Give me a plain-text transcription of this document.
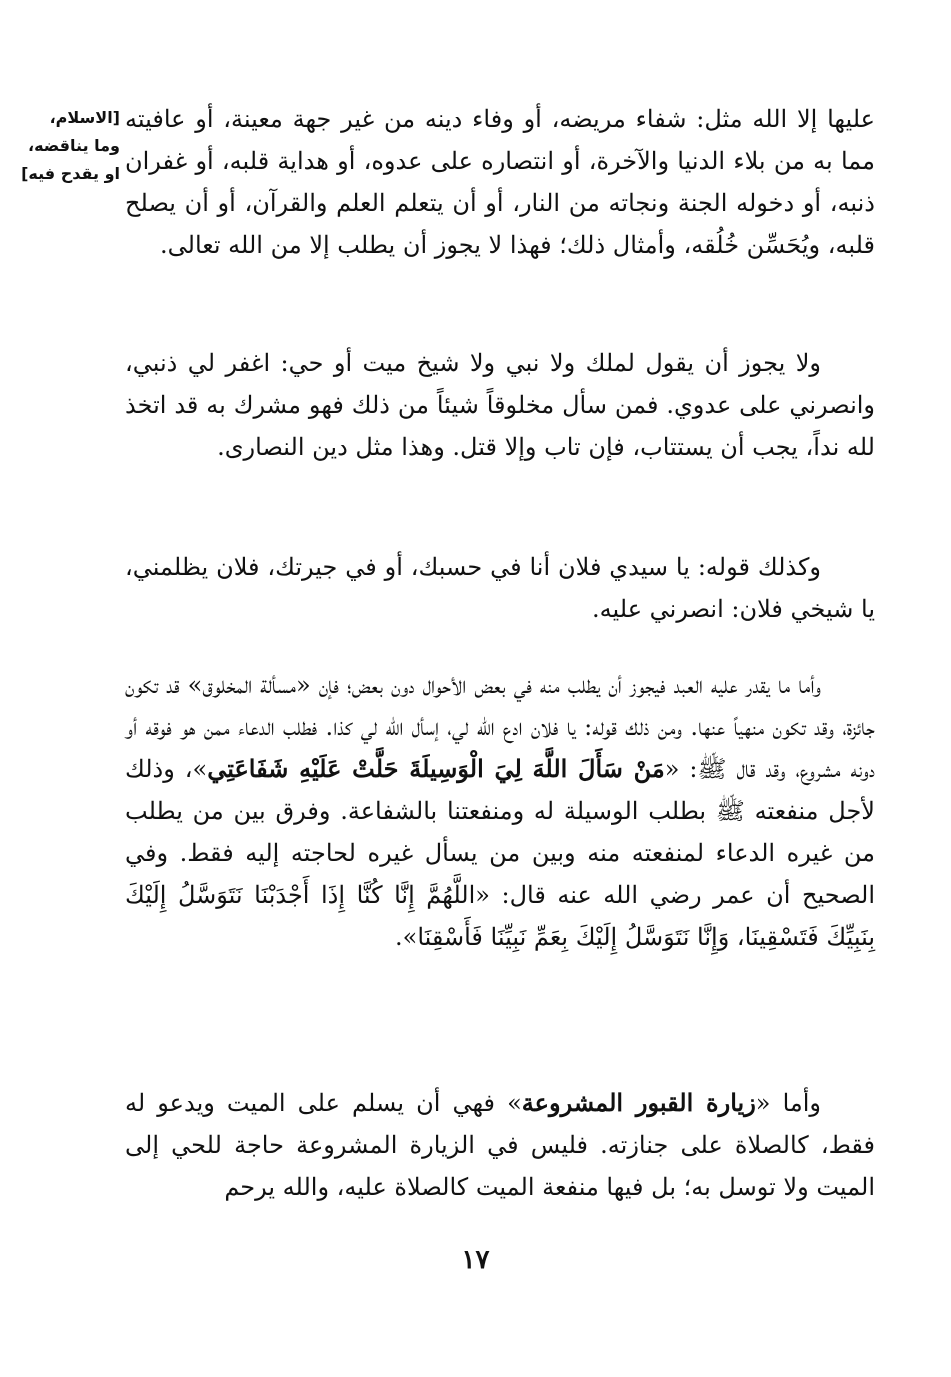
[الاسلام، وما يناقضه، او يقدح فيه]

عليها إلا الله مثل: شفاء مريضه، أو وفاء دينه من غير جهة معينة، أو عافيته مما به من بلاء الدنيا والآخرة، أو انتصاره على عدوه، أو هداية قلبه، أو غفران ذنبه، أو دخوله الجنة ونجاته من النار، أو أن يتعلم العلم والقرآن، أو أن يصلح قلبه، ويُحَسِّن خُلُقه، وأمثال ذلك؛ فهذا لا يجوز أن يطلب إلا من الله تعالى.

ولا يجوز أن يقول لملك ولا نبي ولا شيخ ميت أو حي: اغفر لي ذنبي، وانصرني على عدوي. فمن سأل مخلوقاً شيئاً من ذلك فهو مشرك به قد اتخذ لله نداً، يجب أن يستتاب، فإن تاب وإلا قتل. وهذا مثل دين النصارى.

وكذلك قوله: يا سيدي فلان أنا في حسبك، أو في جيرتك، فلان يظلمني، يا شيخي فلان: انصرني عليه.

وأما ما يقدر عليه العبد فيجوز أن يطلب منه في بعض الأحوال دون بعض؛ فإن «مسألة المخلوق» قد تكون جائزة، وقد تكون منهياً عنها. ومن ذلك قوله: يا فلان ادع الله لي، إسأل الله لي كذا. فطلب الدعاء ممن هو فوقه أو دونه مشروع، وقد قال ﷺ: «مَنْ سَأَلَ اللَّهَ لِيَ الْوَسِيلَةَ حَلَّتْ عَلَيْهِ شَفَاعَتِي»، وذلك لأجل منفعته ﷺ بطلب الوسيلة له ومنفعتنا بالشفاعة. وفرق بين من يطلب من غيره الدعاء لمنفعته منه وبين من يسأل غيره لحاجته إليه فقط. وفي الصحيح أن عمر رضي الله عنه قال: «اللَّهُمَّ إِنَّا كُنَّا إِذَا أَجْدَبْنَا نَتَوَسَّلُ إِلَيْكَ بِنَبِيِّكَ فَتَسْقِينَا، وَإِنَّا نَتَوَسَّلُ إِلَيْكَ بِعَمِّ نَبِيِّنَا فَأَسْقِنَا».

وأما «زيارة القبور المشروعة» فهي أن يسلم على الميت ويدعو له فقط، كالصلاة على جنازته. فليس في الزيارة المشروعة حاجة للحي إلى الميت ولا توسل به؛ بل فيها منفعة الميت كالصلاة عليه، والله يرحم

١٧
